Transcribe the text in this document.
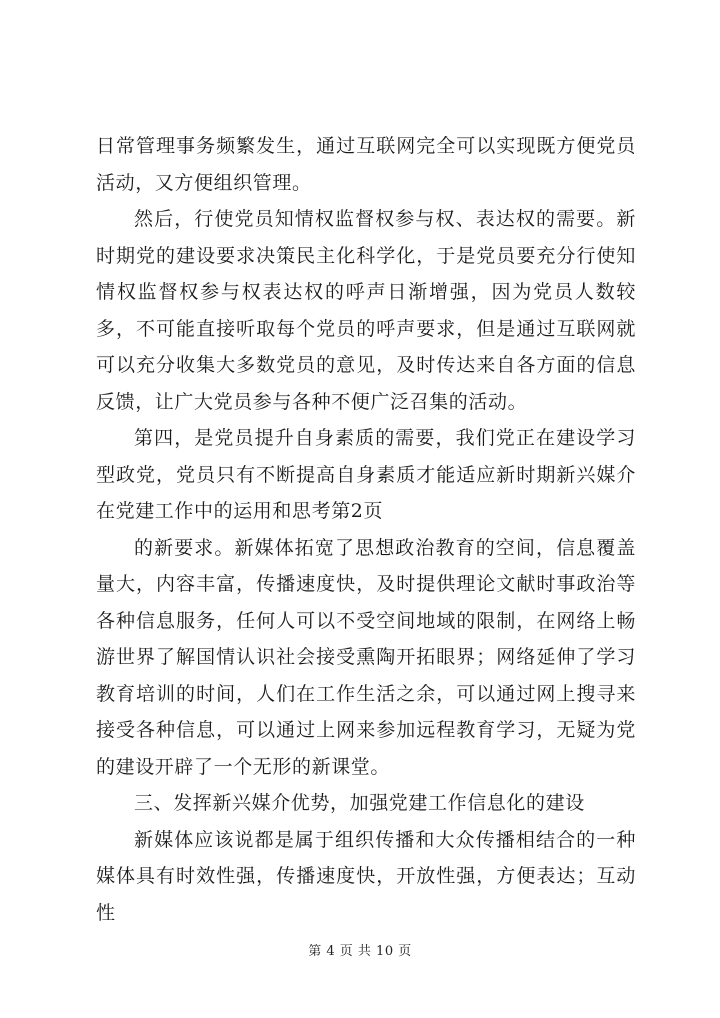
日常管理事务频繁发生，通过互联网完全可以实现既方便党员活动，又方便组织管理。

然后，行使党员知情权监督权参与权、表达权的需要。新时期党的建设要求决策民主化科学化，于是党员要充分行使知情权监督权参与权表达权的呼声日渐增强，因为党员人数较多，不可能直接听取每个党员的呼声要求，但是通过互联网就可以充分收集大多数党员的意见，及时传达来自各方面的信息反馈，让广大党员参与各种不便广泛召集的活动。

第四，是党员提升自身素质的需要，我们党正在建设学习型政党，党员只有不断提高自身素质才能适应新时期新兴媒介在党建工作中的运用和思考第2页

的新要求。新媒体拓宽了思想政治教育的空间，信息覆盖量大，内容丰富，传播速度快，及时提供理论文献时事政治等各种信息服务，任何人可以不受空间地域的限制，在网络上畅游世界了解国情认识社会接受熏陶开拓眼界；网络延伸了学习教育培训的时间，人们在工作生活之余，可以通过网上搜寻来接受各种信息，可以通过上网来参加远程教育学习，无疑为党的建设开辟了一个无形的新课堂。

三、发挥新兴媒介优势，加强党建工作信息化的建设

新媒体应该说都是属于组织传播和大众传播相结合的一种媒体具有时效性强，传播速度快，开放性强，方便表达；互动性

第 4 页 共 10 页
